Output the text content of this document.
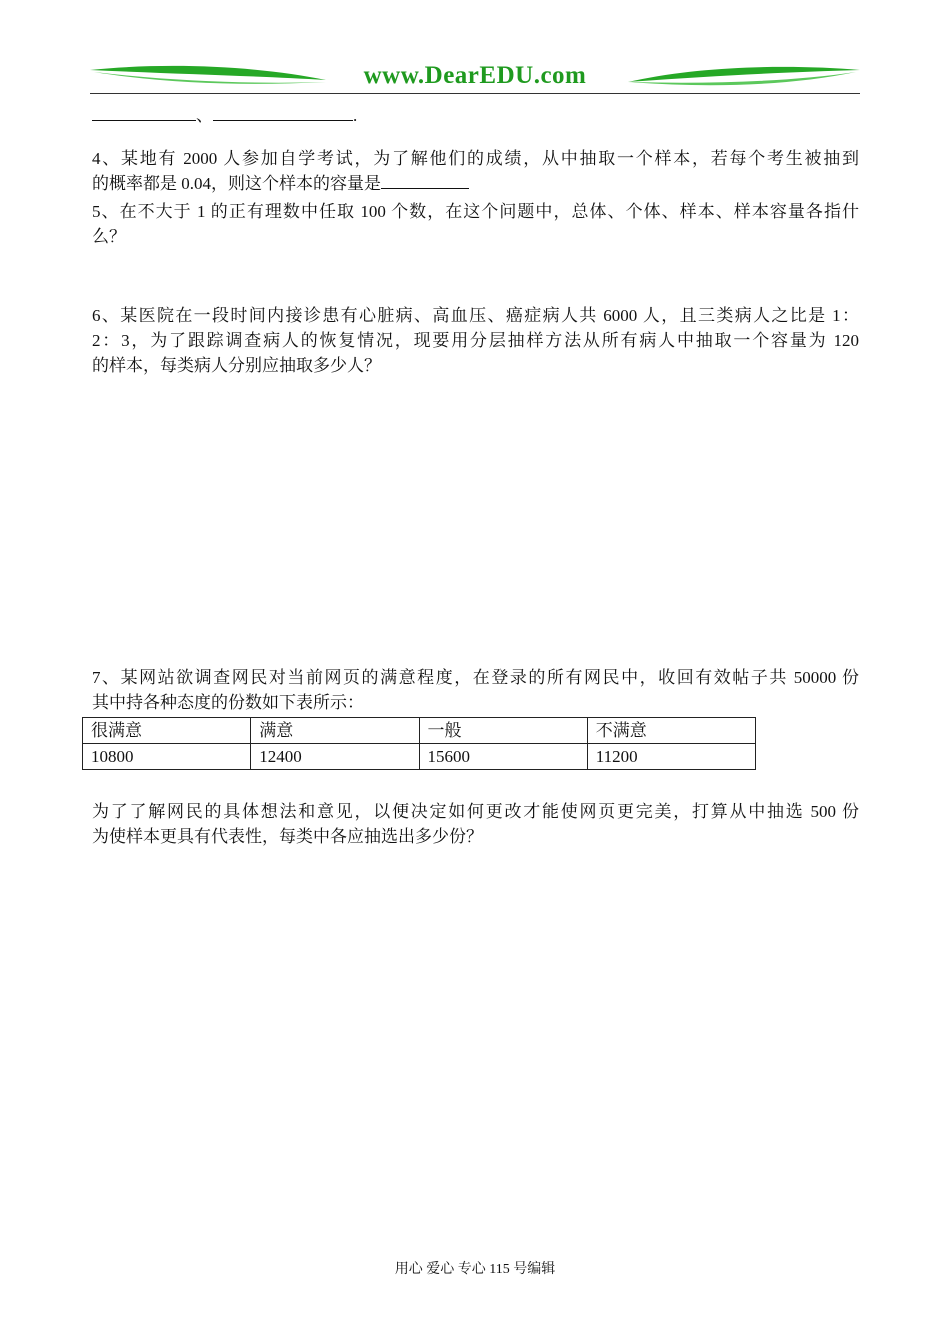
www.DearEDU.com
、	.
4、某地有 2000 人参加自学考试，为了解他们的成绩，从中抽取一个样本，若每个考生被抽到
的概率都是 0.04，则这个样本的容量是
5、在不大于 1 的正有理数中任取 100 个数，在这个问题中，总体、个体、样本、样本容量各指什
么？
6、某医院在一段时间内接诊患有心脏病、高血压、癌症病人共 6000 人，且三类病人之比是 1：
2：3，为了跟踪调查病人的恢复情况，现要用分层抽样方法从所有病人中抽取一个容量为 120
的样本，每类病人分别应抽取多少人？
7、某网站欲调查网民对当前网页的满意程度，在登录的所有网民中，收回有效帖子共 50000 份
其中持各种态度的份数如下表所示：
很满意	满意	一般	不满意
10800	12400	15600	11200
为了了解网民的具体想法和意见，以便决定如何更改才能使网页更完美，打算从中抽选 500 份
为使样本更具有代表性，每类中各应抽选出多少份？
用心 爱心 专心 115 号编辑
